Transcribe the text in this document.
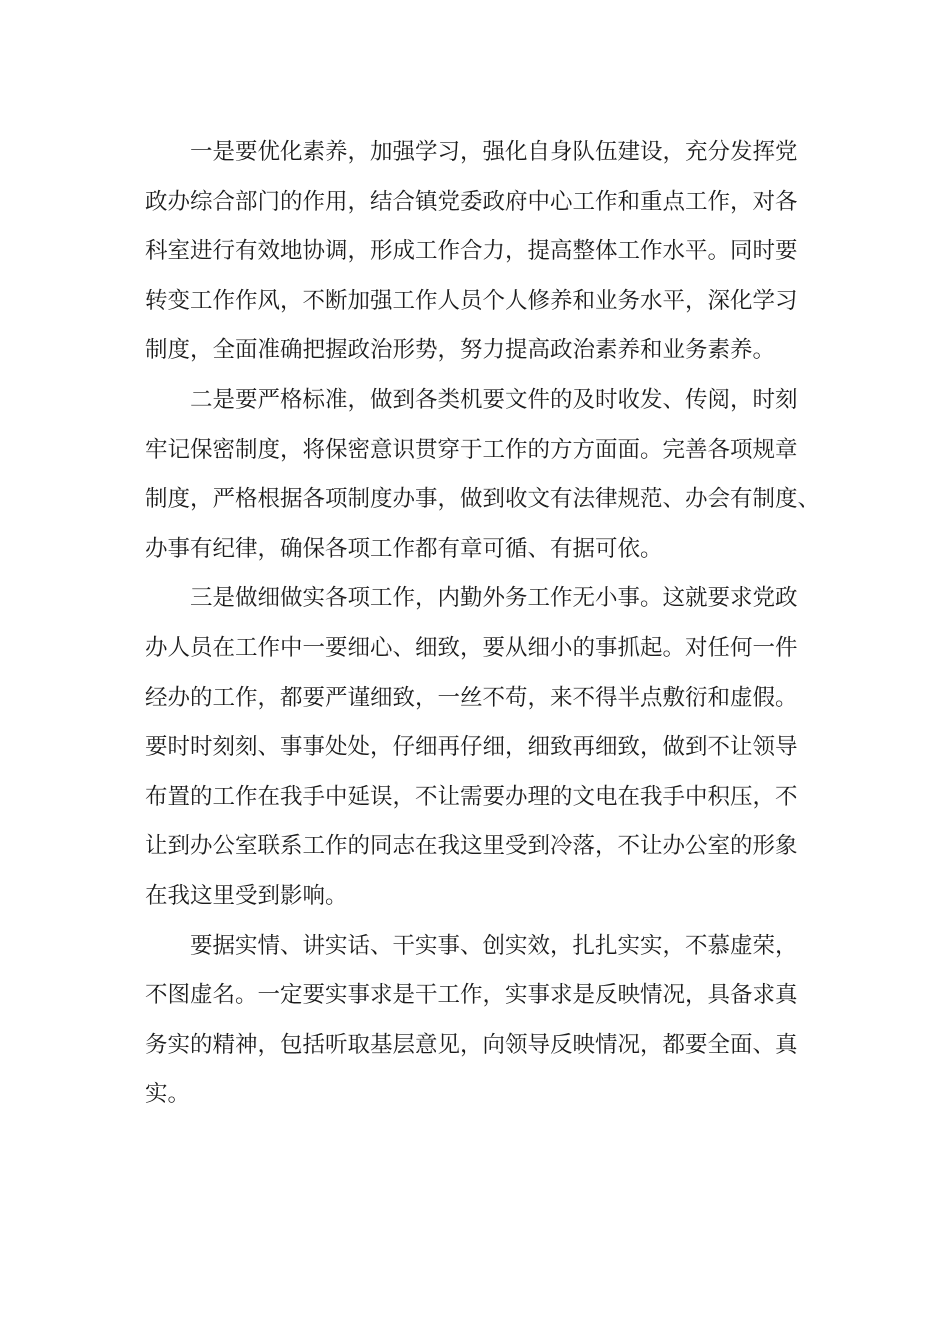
一是要优化素养，加强学习，强化自身队伍建设，充分发挥党
政办综合部门的作用，结合镇党委政府中心工作和重点工作，对各
科室进行有效地协调，形成工作合力，提高整体工作水平。同时要
转变工作作风，不断加强工作人员个人修养和业务水平，深化学习
制度，全面准确把握政治形势，努力提高政治素养和业务素养。
二是要严格标准，做到各类机要文件的及时收发、传阅，时刻
牢记保密制度，将保密意识贯穿于工作的方方面面。完善各项规章
制度，严格根据各项制度办事，做到收文有法律规范、办会有制度、
办事有纪律，确保各项工作都有章可循、有据可依。
三是做细做实各项工作，内勤外务工作无小事。这就要求党政
办人员在工作中一要细心、细致，要从细小的事抓起。对任何一件
经办的工作，都要严谨细致，一丝不苟，来不得半点敷衍和虚假。
要时时刻刻、事事处处，仔细再仔细，细致再细致，做到不让领导
布置的工作在我手中延误，不让需要办理的文电在我手中积压，不
让到办公室联系工作的同志在我这里受到冷落，不让办公室的形象
在我这里受到影响。
要据实情、讲实话、干实事、创实效，扎扎实实，不慕虚荣，
不图虚名。一定要实事求是干工作，实事求是反映情况，具备求真
务实的精神，包括听取基层意见，向领导反映情况，都要全面、真
实。
